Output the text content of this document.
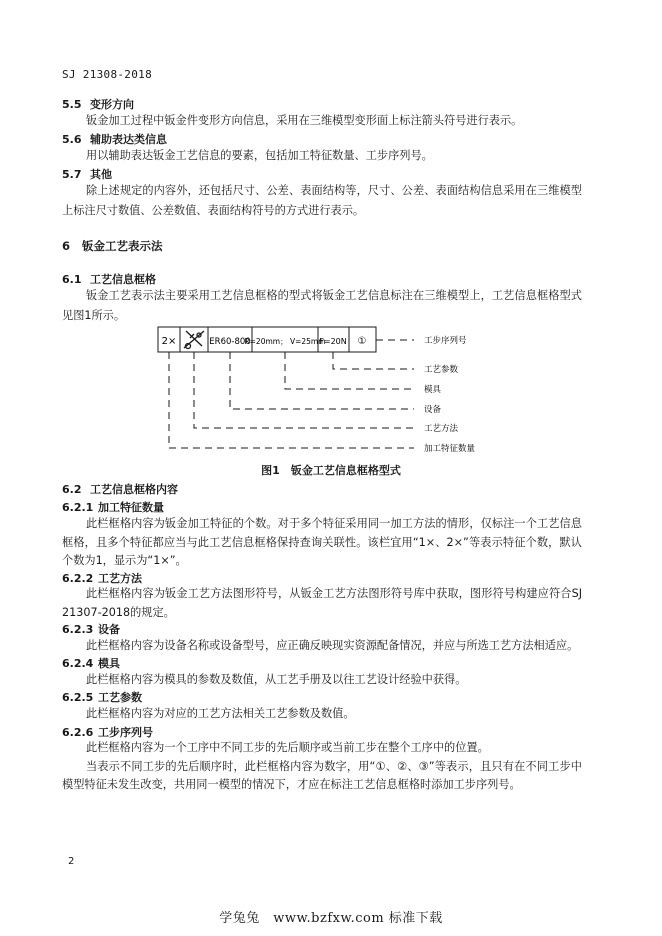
SJ 21308-2018
5.5 变形方向
钣金加工过程中钣金件变形方向信息，采用在三维模型变形面上标注箭头符号进行表示。
5.6 辅助表达类信息
用以辅助表达钣金工艺信息的要素，包括加工特征数量、工步序列号。
5.7 其他
除上述规定的内容外，还包括尺寸、公差、表面结构等，尺寸、公差、表面结构信息采用在三维模型上标注尺寸数值、公差数值、表面结构符号的方式进行表示。
6 钣金工艺表示法
6.1 工艺信息框格
钣金工艺表示法主要采用工艺信息框格的型式将钣金工艺信息标注在三维模型上，工艺信息框格型式见图1所示。
2×	ER60-800
R=20mm； V=25mm
F=20N ①	工步序列号
工艺参数
模具
设备
工艺方法
加工特征数量
图1　钣金工艺信息框格型式
6.2 工艺信息框格内容
6.2.1 加工特征数量
此栏框格内容为钣金加工特征的个数。对于多个特征采用同一加工方法的情形，仅标注一个工艺信息框格，且多个特征都应当与此工艺信息框格保持查询关联性。该栏宜用“1×、2×”等表示特征个数，默认个数为1，显示为“1×”。
6.2.2 工艺方法
此栏框格内容为钣金工艺方法图形符号，从钣金工艺方法图形符号库中获取，图形符号构建应符合SJ 21307-2018的规定。
6.2.3 设备
此栏框格内容为设备名称或设备型号，应正确反映现实资源配备情况，并应与所选工艺方法相适应。
6.2.4 模具
此栏框格内容为模具的参数及数值，从工艺手册及以往工艺设计经验中获得。
6.2.5 工艺参数
此栏框格内容为对应的工艺方法相关工艺参数及数值。
6.2.6 工步序列号
此栏框格内容为一个工序中不同工步的先后顺序或当前工步在整个工序中的位置。
当表示不同工步的先后顺序时，此栏框格内容为数字，用“①、②、③”等表示，且只有在不同工步中模型特征未发生改变，共用同一模型的情况下，才应在标注工艺信息框格时添加工步序列号。
2
学兔兔　www.bzfxw.com 标准下载
